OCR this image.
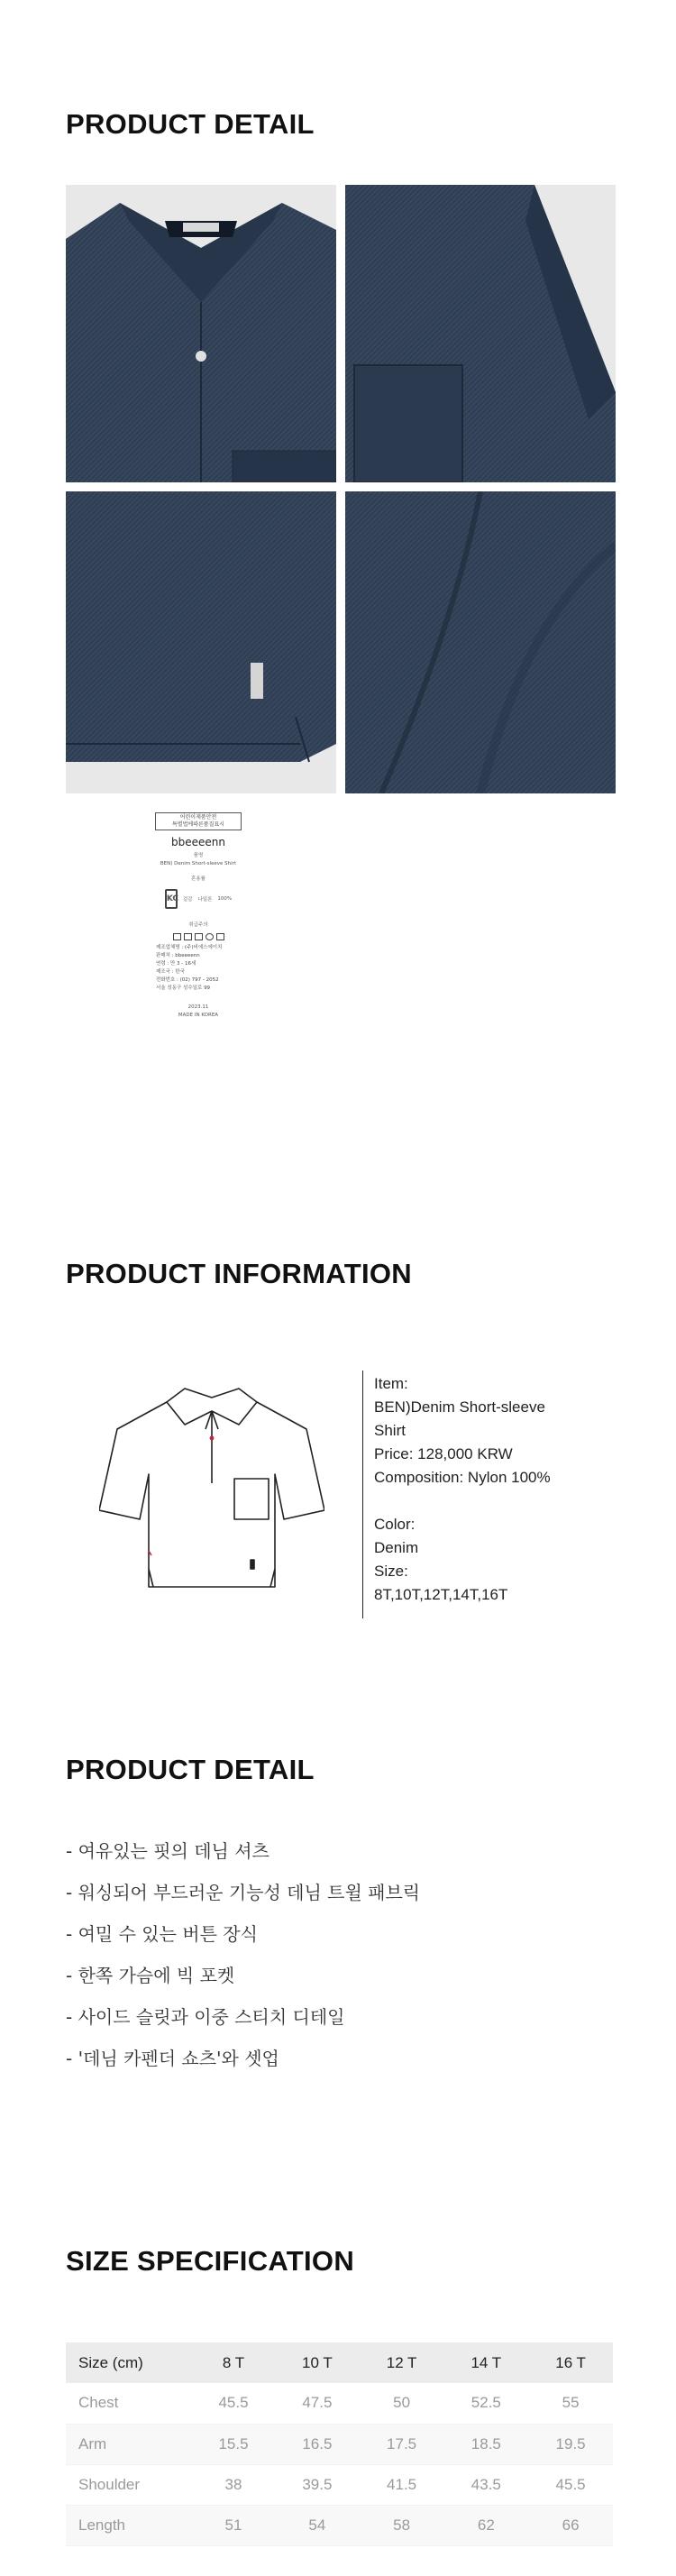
PRODUCT DETAIL
어린이제품안전
특별법에따른품질표시
bbeeeenn
품명
BEN) Denim Short-sleeve Shirt
혼용률
KC 겉감 나일론 100%
취급주의
제조업체명 : (주)비에스에이치
판매처 : bbeeeenn
연령 : 만 3 - 16세
제조국 : 한국
전화번호 : (02) 797 - 2052
서울 성동구 성수일로 99
2023.11
MADE IN KOREA
PRODUCT INFORMATION
Item:
BEN)Denim Short-sleeve
Shirt
Price: 128,000 KRW
Composition: Nylon 100%
Color:
Denim
Size:
8T,10T,12T,14T,16T
PRODUCT DETAIL
- 여유있는 핏의 데님 셔츠
- 워싱되어 부드러운 기능성 데님 트윌 패브릭
- 여밀 수 있는 버튼 장식
- 한쪽 가슴에 빅 포켓
- 사이드 슬릿과 이중 스티치 디테일
- '데님 카펜더 쇼츠'와 셋업
SIZE SPECIFICATION
Size (cm)	8 T	10 T	12 T	14 T	16 T
Chest	45.5	47.5	50	52.5	55
Arm	15.5	16.5	17.5	18.5	19.5
Shoulder	38	39.5	41.5	43.5	45.5
Length	51	54	58	62	66
